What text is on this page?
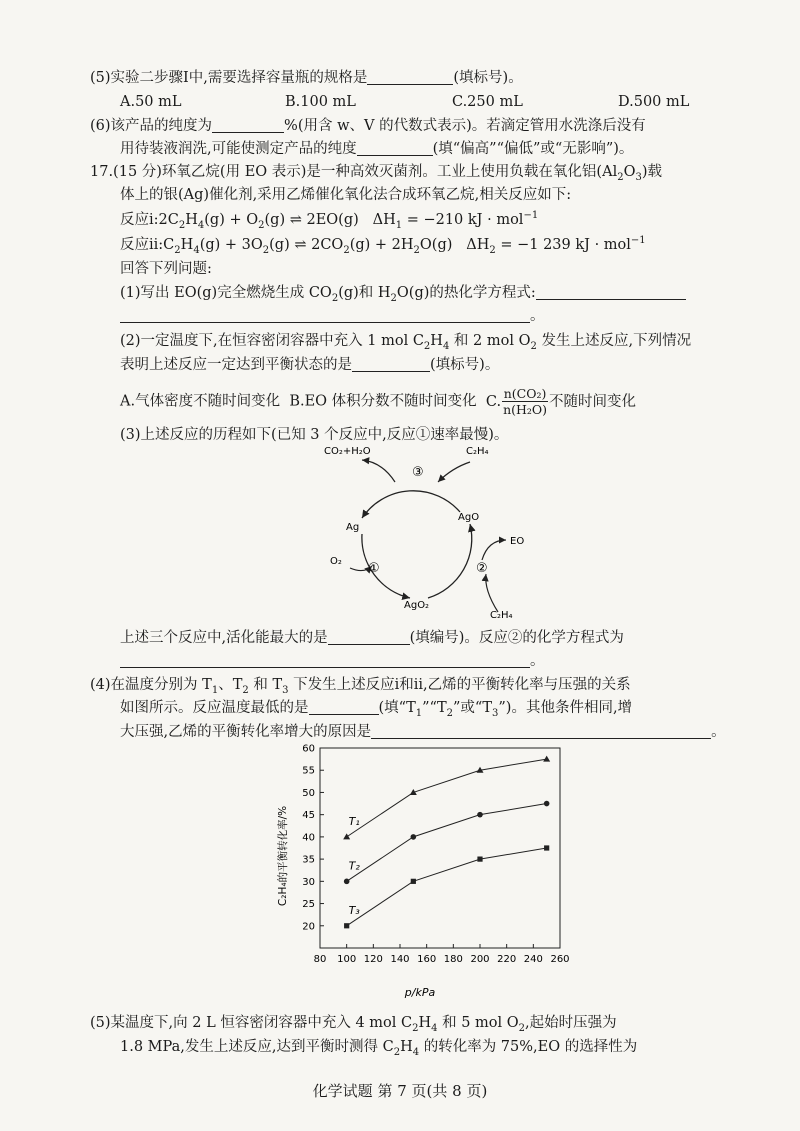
(5)实验二步骤Ⅰ中,需要选择容量瓶的规格是	(填标号)。
A.50 mL	B.100 mL	C.250 mL	D.500 mL
(6)该产品的纯度为	%(用含 w、V 的代数式表示)。若滴定管用水洗涤后没有
用待装液润洗,可能使测定产品的纯度	(填“偏高”“偏低”或“无影响”)。
17.(15 分)环氧乙烷(用 EO 表示)是一种高效灭菌剂。工业上使用负载在氧化铝$(Al_2O_3)$载
体上的银(Ag)催化剂,采用乙烯催化氧化法合成环氧乙烷,相关反应如下:
反应$ⅰ:2C_2H_4(g) + O_2(g)$ ⇌ 2EO(g)   $\Delta H_1 = -210$ kJ · mol$^{-1}$
反应$ⅱ:C_2H_4(g) + 3O_2(g)$ ⇌ $2CO_2(g) + 2H_2O(g) \Delta H_2 = -1$ 239 kJ · mol$^{-1}$
回答下列问题:
(1)写出 EO(g)完全燃烧生成 $CO_2(g)$和 $H_2O(g)$的热化学方程式:
。
(2)一定温度下,在恒容密闭容器中充入 1 mol $C_2H_4$ 和 2 mol $O_2$ 发生上述反应,下列情况
表明上述反应一定达到平衡状态的是	(填标号)。
A.气体密度不随时间变化 B.EO 体积分数不随时间变化 C. $\frac{\text{n(CO₂)}}{\text{n(H₂O)}}$ 不随时间变化
(3)上述反应的历程如下(已知 3 个反应中,反应①速率最慢)。
CO₂+H₂O	C₂H₄
③
Ag
AgO
EO
O₂ ①	②
AgO₂
C₂H₄
上述三个反应中,活化能最大的是	(填编号)。反应②的化学方程式为
。
(4)在温度分别为 $T_1$、$T_2$ 和 $T_3$ 下发生上述反应ⅰ和ⅱ,乙烯的平衡转化率与压强的关系
如图所示。反应温度最低的是	(填“$T_1”“T_2$”或“$T_3$”)。其他条件相同,增
大压强,乙烯的平衡转化率增大的原因是	。
80 100 120 140 160 180 200 220 240 260
20
25
30
35
40
45
50
55
60
T₁
T₂
T₃
p/kPa
C₂H₄的平衡转化率/%
(5)某温度下,向 2 L 恒容密闭容器中充入 4 mol $C_2H_4$ 和 5 mol $O_2$,起始时压强为
1.8 MPa,发生上述反应,达到平衡时测得 $C_2H_4$ 的转化率为 75%,EO 的选择性为
化学试题 第 7 页(共 8 页)
